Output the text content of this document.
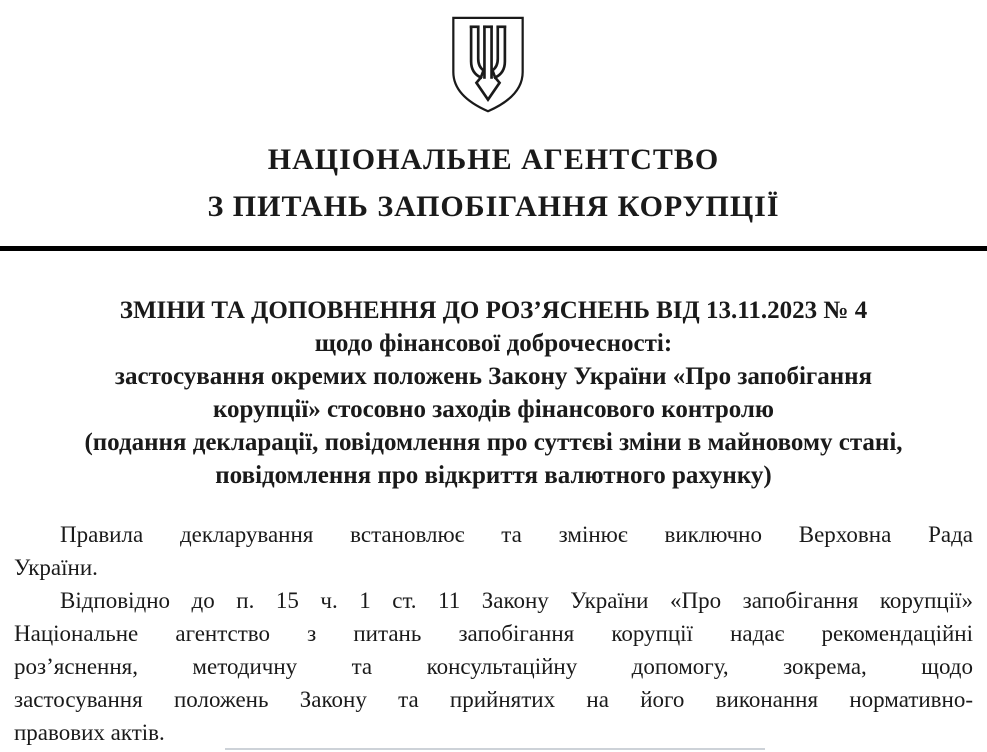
НАЦІОНАЛЬНЕ АГЕНТСТВО
З ПИТАНЬ ЗАПОБІГАННЯ КОРУПЦІЇ
ЗМІНИ ТА ДОПОВНЕННЯ ДО РОЗ’ЯСНЕНЬ ВІД 13.11.2023 № 4
щодо фінансової доброчесності:
застосування окремих положень Закону України «Про запобігання
корупції» стосовно заходів фінансового контролю
(подання декларації, повідомлення про суттєві зміни в майновому стані,
повідомлення про відкриття валютного рахунку)
Правила декларування встановлює та змінює виключно Верховна Рада
України.
Відповідно до п. 15 ч. 1 ст. 11 Закону України «Про запобігання корупції»
Національне агентство з питань запобігання корупції надає рекомендаційні
роз’яснення, методичну та консультаційну допомогу, зокрема, щодо
застосування положень Закону та прийнятих на його виконання нормативно-
правових актів.
